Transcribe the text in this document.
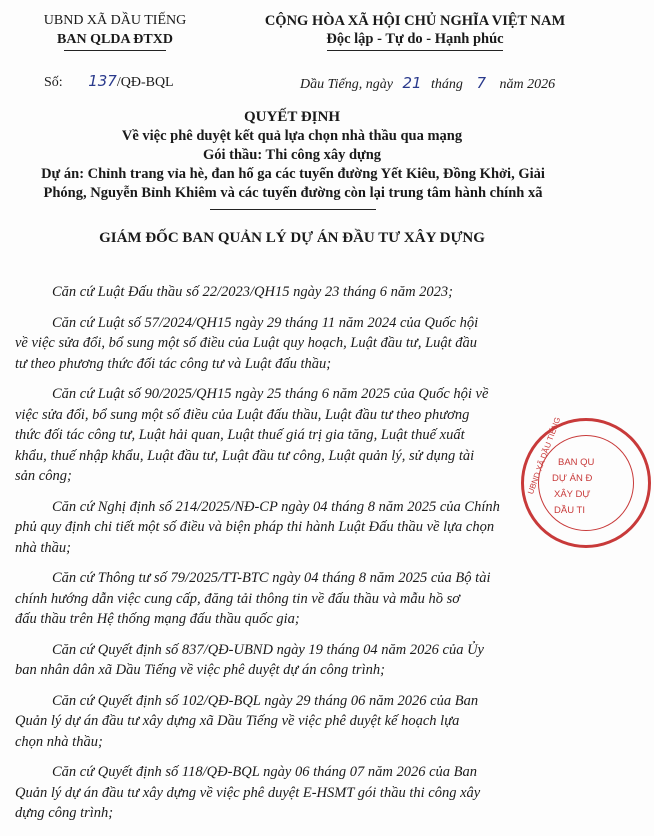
UBND XÃ DẦU TIẾNG
BAN QLDA ĐTXD
CỘNG HÒA XÃ HỘI CHỦ NGHĨA VIỆT NAM
Độc lập - Tự do - Hạnh phúc
Số: 137/QĐ-BQL	Dầu Tiếng, ngày 21 tháng 7 năm 2026
QUYẾT ĐỊNH
Về việc phê duyệt kết quả lựa chọn nhà thầu qua mạng
Gói thầu: Thi công xây dựng
Dự án: Chỉnh trang vỉa hè, đan hố ga các tuyến đường Yết Kiêu, Đồng Khởi, Giải
Phóng, Nguyễn Bỉnh Khiêm và các tuyến đường còn lại trung tâm hành chính xã
GIÁM ĐỐC BAN QUẢN LÝ DỰ ÁN ĐẦU TƯ XÂY DỰNG
Căn cứ Luật Đấu thầu số 22/2023/QH15 ngày 23 tháng 6 năm 2023;
Căn cứ Luật số 57/2024/QH15 ngày 29 tháng 11 năm 2024 của Quốc hội
về việc sửa đổi, bổ sung một số điều của Luật quy hoạch, Luật đầu tư, Luật đầu
tư theo phương thức đối tác công tư và Luật đấu thầu;
Căn cứ Luật số 90/2025/QH15 ngày 25 tháng 6 năm 2025 của Quốc hội về
việc sửa đổi, bổ sung một số điều của Luật đấu thầu, Luật đầu tư theo phương
thức đối tác công tư, Luật hải quan, Luật thuế giá trị gia tăng, Luật thuế xuất
khẩu, thuế nhập khẩu, Luật đầu tư, Luật đầu tư công, Luật quản lý, sử dụng tài
sản công;
Căn cứ Nghị định số 214/2025/NĐ-CP ngày 04 tháng 8 năm 2025 của Chính
phủ quy định chi tiết một số điều và biện pháp thi hành Luật Đấu thầu về lựa chọn
nhà thầu;
Căn cứ Thông tư số 79/2025/TT-BTC ngày 04 tháng 8 năm 2025 của Bộ tài
chính hướng dẫn việc cung cấp, đăng tải thông tin về đấu thầu và mẫu hồ sơ
đấu thầu trên Hệ thống mạng đấu thầu quốc gia;
Căn cứ Quyết định số 837/QĐ-UBND ngày 19 tháng 04 năm 2026 của Ủy
ban nhân dân xã Dầu Tiếng về việc phê duyệt dự án công trình;
Căn cứ Quyết định số 102/QĐ-BQL ngày 29 tháng 06 năm 2026 của Ban
Quản lý dự án đầu tư xây dựng xã Dầu Tiếng về việc phê duyệt kế hoạch lựa
chọn nhà thầu;
Căn cứ Quyết định số 118/QĐ-BQL ngày 06 tháng 07 năm 2026 của Ban
Quản lý dự án đầu tư xây dựng về việc phê duyệt E-HSMT gói thầu thi công xây
dựng công trình;
BAN QU
DỰ ÁN Đ
XÂY DỰ
DẦU TI
UBND XÃ DẦU TIẾNG
